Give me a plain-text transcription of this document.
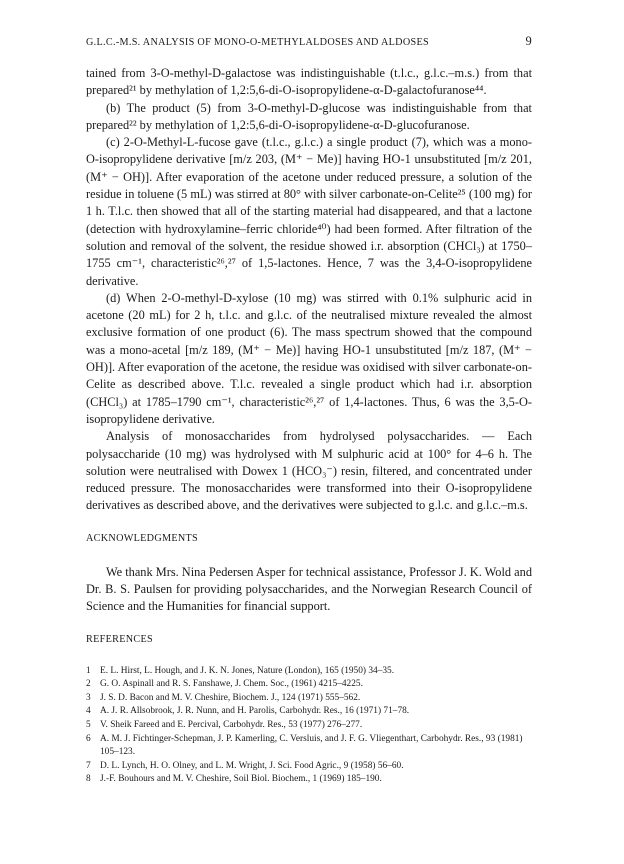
G.L.C.-M.S. ANALYSIS OF MONO-O-METHYLALDOSES AND ALDOSES	9

tained from 3-O-methyl-D-galactose was indistinguishable (t.l.c., g.l.c.–m.s.) from that prepared²¹ by methylation of 1,2:5,6-di-O-isopropylidene-α-D-galactofuranose⁴⁴.

(b) The product (5) from 3-O-methyl-D-glucose was indistinguishable from that prepared²² by methylation of 1,2:5,6-di-O-isopropylidene-α-D-glucofuranose.

(c) 2-O-Methyl-L-fucose gave (t.l.c., g.l.c.) a single product (7), which was a mono-O-isopropylidene derivative [m/z 203, (M⁺ − Me)] having HO-1 unsubstituted [m/z 201, (M⁺ − OH)]. After evaporation of the acetone under reduced pressure, a solution of the residue in toluene (5 mL) was stirred at 80° with silver carbonate-on-Celite²⁵ (100 mg) for 1 h. T.l.c. then showed that all of the starting material had disappeared, and that a lactone (detection with hydroxylamine–ferric chloride⁴⁰) had been formed. After filtration of the solution and removal of the solvent, the residue showed i.r. absorption (CHCl₃) at 1750–1755 cm⁻¹, characteristic²⁶,²⁷ of 1,5-lactones. Hence, 7 was the 3,4-O-isopropylidene derivative.

(d) When 2-O-methyl-D-xylose (10 mg) was stirred with 0.1% sulphuric acid in acetone (20 mL) for 2 h, t.l.c. and g.l.c. of the neutralised mixture revealed the almost exclusive formation of one product (6). The mass spectrum showed that the compound was a mono-acetal [m/z 189, (M⁺ − Me)] having HO-1 unsubstituted [m/z 187, (M⁺ − OH)]. After evaporation of the acetone, the residue was oxidised with silver carbonate-on-Celite as described above. T.l.c. revealed a single product which had i.r. absorption (CHCl₃) at 1785–1790 cm⁻¹, characteristic²⁶,²⁷ of 1,4-lactones. Thus, 6 was the 3,5-O-isopropylidene derivative.

Analysis of monosaccharides from hydrolysed polysaccharides. — Each polysaccharide (10 mg) was hydrolysed with M sulphuric acid at 100° for 4–6 h. The solution were neutralised with Dowex 1 (HCO₃⁻) resin, filtered, and concentrated under reduced pressure. The monosaccharides were transformed into their O-isopropylidene derivatives as described above, and the derivatives were subjected to g.l.c. and g.l.c.–m.s.

ACKNOWLEDGMENTS

We thank Mrs. Nina Pedersen Asper for technical assistance, Professor J. K. Wold and Dr. B. S. Paulsen for providing polysaccharides, and the Norwegian Research Council of Science and the Humanities for financial support.

REFERENCES
1 E. L. Hirst, L. Hough, and J. K. N. Jones, Nature (London), 165 (1950) 34–35.
2 G. O. Aspinall and R. S. Fanshawe, J. Chem. Soc., (1961) 4215–4225.
3 J. S. D. Bacon and M. V. Cheshire, Biochem. J., 124 (1971) 555–562.
4 A. J. R. Allsobrook, J. R. Nunn, and H. Parolis, Carbohydr. Res., 16 (1971) 71–78.
5 V. Sheik Fareed and E. Percival, Carbohydr. Res., 53 (1977) 276–277.
6 A. M. J. Fichtinger-Schepman, J. P. Kamerling, C. Versluis, and J. F. G. Vliegenthart, Carbohydr. Res., 93 (1981) 105–123.
7 D. L. Lynch, H. O. Olney, and L. M. Wright, J. Sci. Food Agric., 9 (1958) 56–60.
8 J.-F. Bouhours and M. V. Cheshire, Soil Biol. Biochem., 1 (1969) 185–190.
